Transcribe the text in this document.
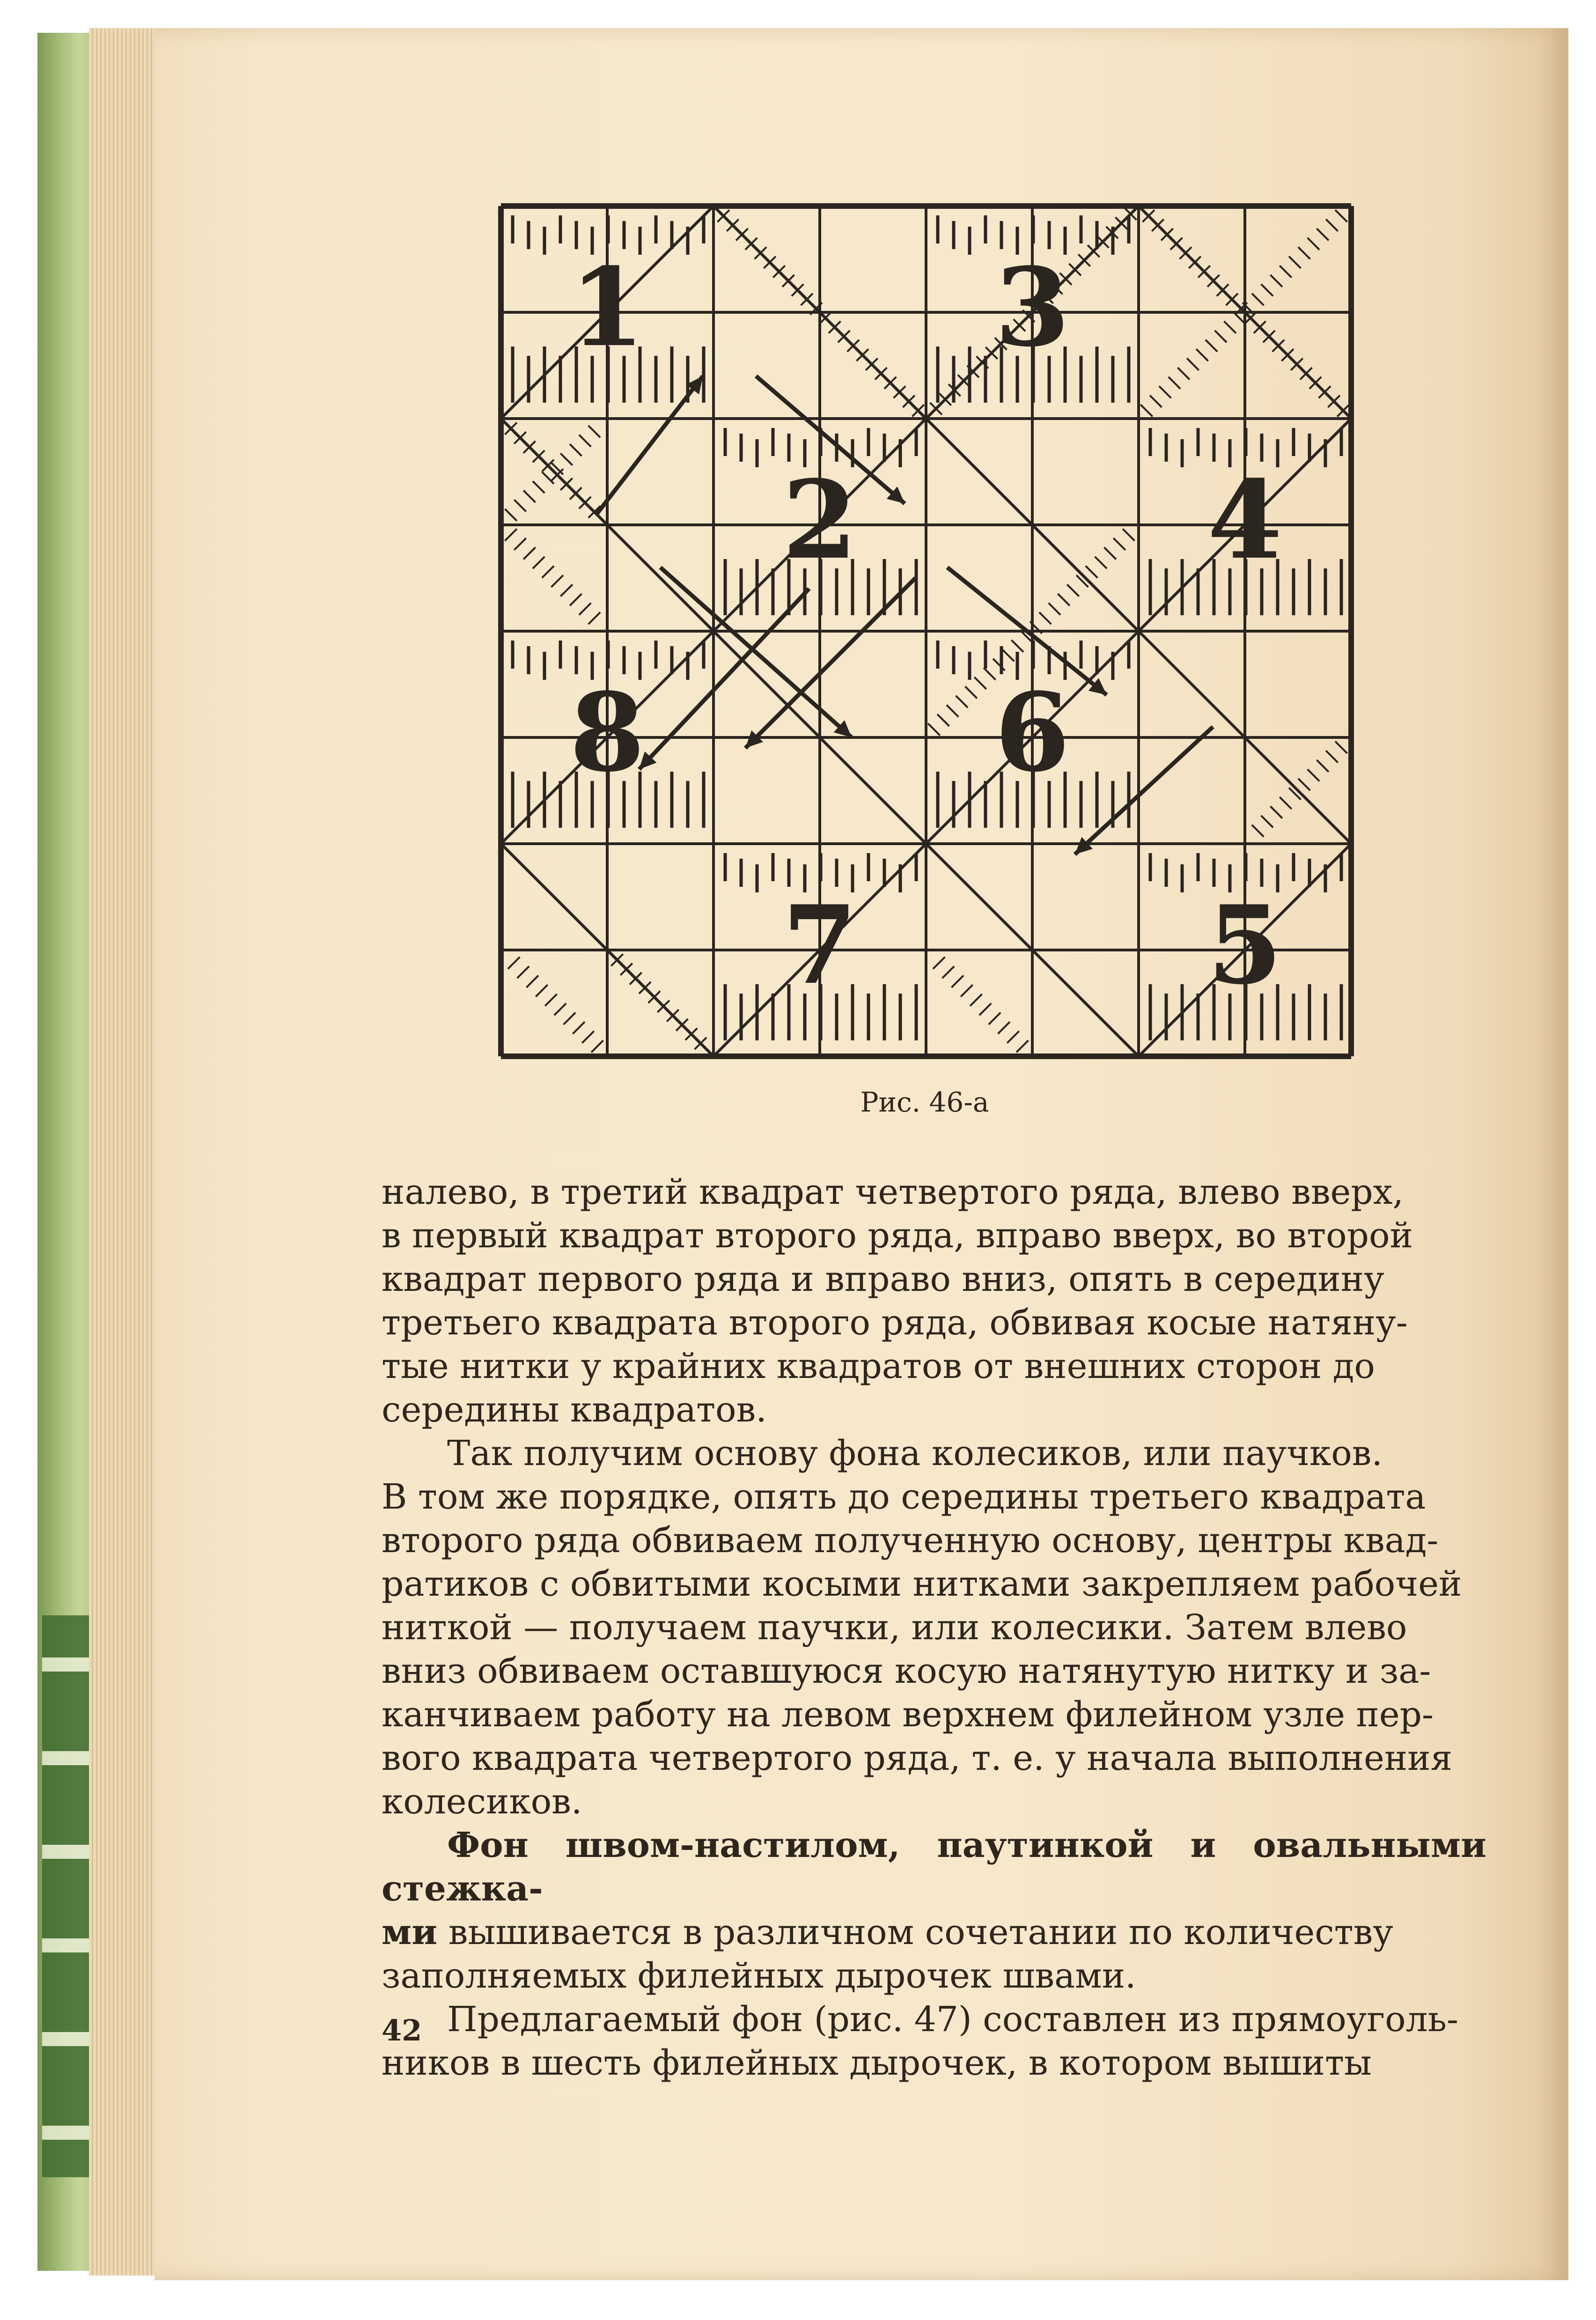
1	3
2	4
8	6
7	5
Рис. 46-а

налево, в третий квадрат четвертого ряда, влево вверх,
в первый квадрат второго ряда, вправо вверх, во второй
квадрат первого ряда и вправо вниз, опять в середину
третьего квадрата второго ряда, обвивая косые натяну-
тые нитки у крайних квадратов от внешних сторон до
середины квадратов.

Так получим основу фона колесиков, или паучков.
В том же порядке, опять до середины третьего квадрата
второго ряда обвиваем полученную основу, центры квад-
ратиков с обвитыми косыми нитками закрепляем рабочей
ниткой — получаем паучки, или колесики. Затем влево
вниз обвиваем оставшуюся косую натянутую нитку и за-
канчиваем работу на левом верхнем филейном узле пер-
вого квадрата четвертого ряда, т. е. у начала выполнения
колесиков.

Фон швом-настилом, паутинкой и овальными стежка-
ми вышивается в различном сочетании по количеству
заполняемых филейных дырочек швами.

Предлагаемый фон (рис. 47) составлен из прямоуголь-
ников в шесть филейных дырочек, в котором вышиты

42
